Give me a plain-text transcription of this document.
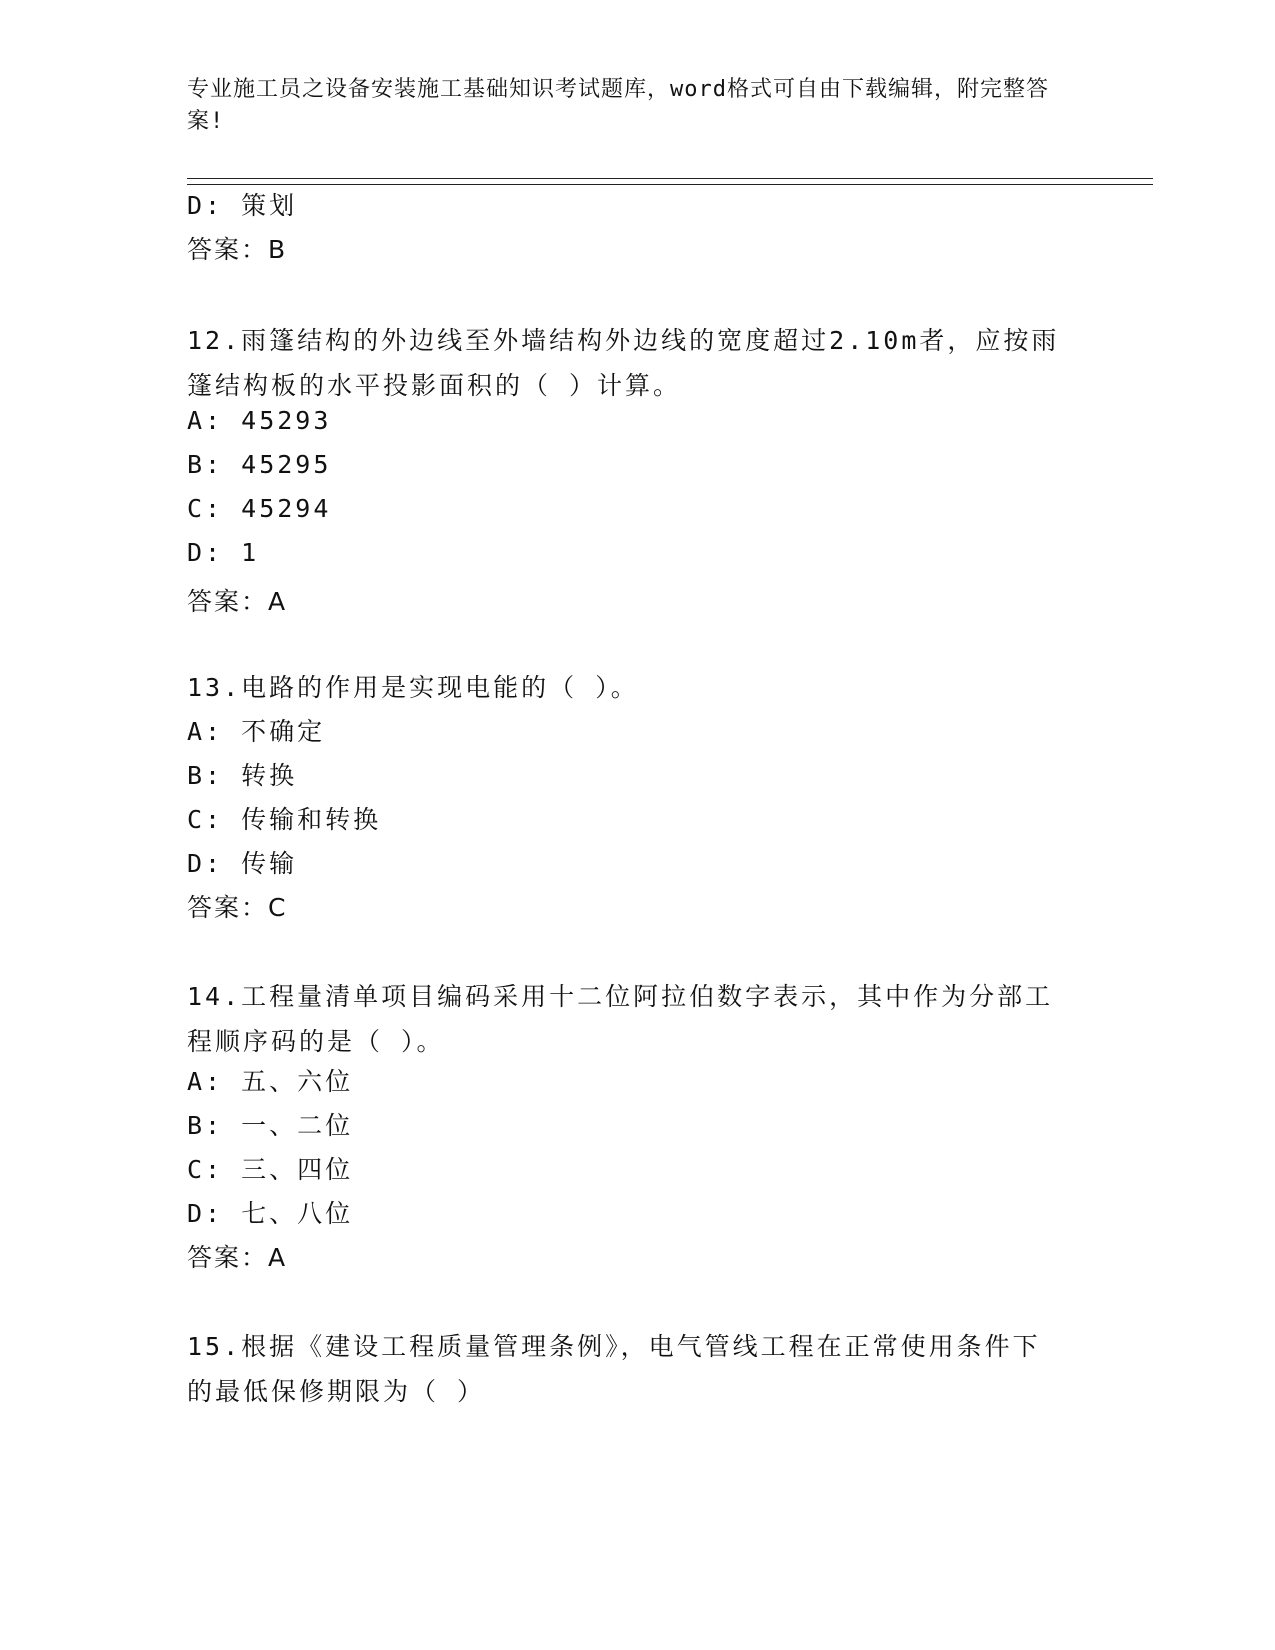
专业施工员之设备安装施工基础知识考试题库，word格式可自由下载编辑，附完整答案!
D: 策划
答案：B
12.雨篷结构的外边线至外墙结构外边线的宽度超过2.10m者，应按雨篷结构板的水平投影面积的（ ）计算。
A: 45293
B: 45295
C: 45294
D: 1
答案：A
13.电路的作用是实现电能的（ ）。
A: 不确定
B: 转换
C: 传输和转换
D: 传输
答案：C
14.工程量清单项目编码采用十二位阿拉伯数字表示，其中作为分部工程顺序码的是（ ）。
A: 五、六位
B: 一、二位
C: 三、四位
D: 七、八位
答案：A
15.根据《建设工程质量管理条例》，电气管线工程在正常使用条件下的最低保修期限为（ ）
